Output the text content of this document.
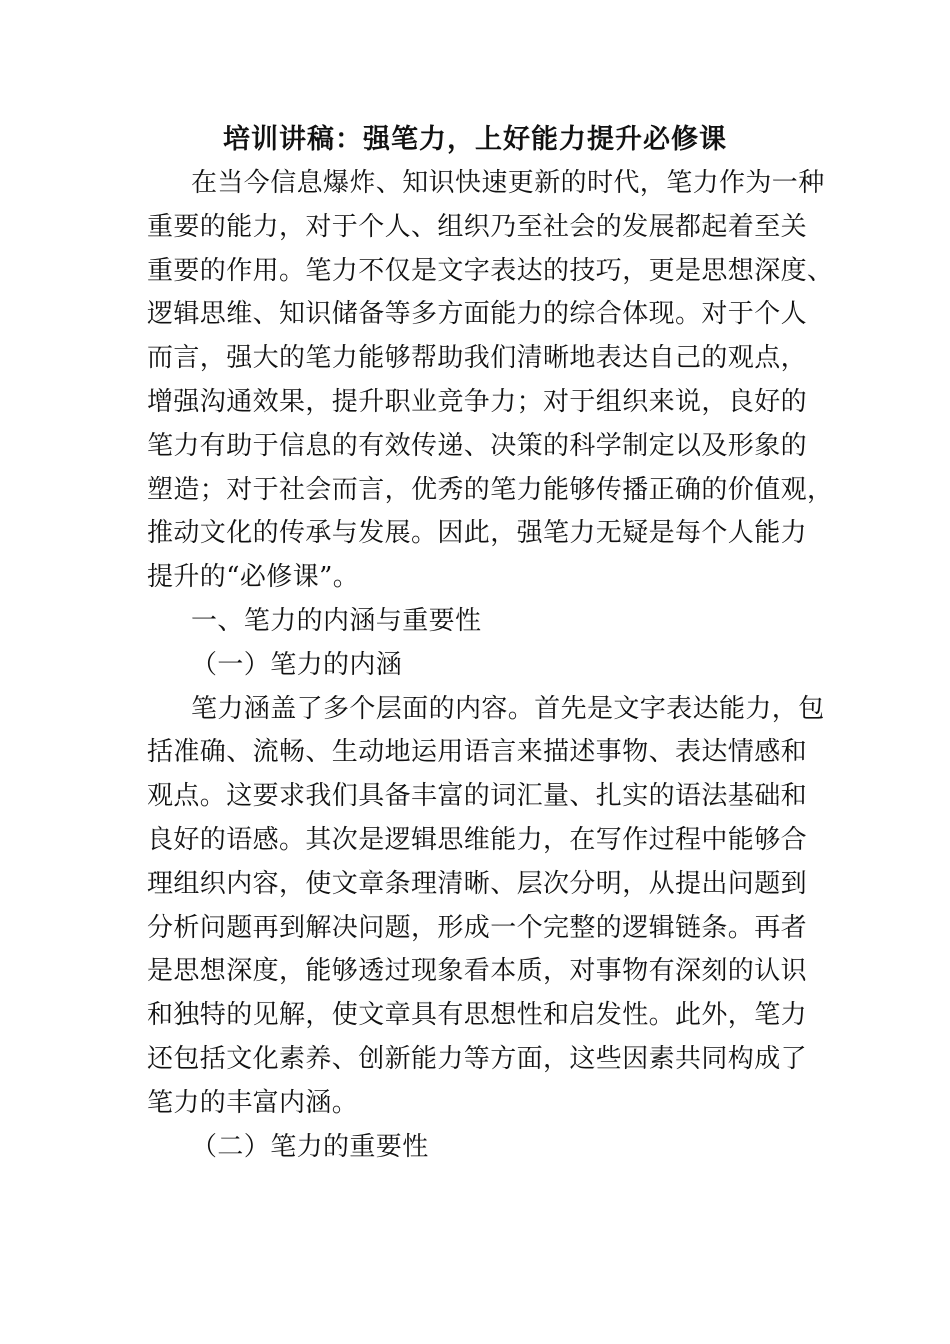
培训讲稿：强笔力，上好能力提升必修课
在当今信息爆炸、知识快速更新的时代，笔力作为一种
重要的能力，对于个人、组织乃至社会的发展都起着至关
重要的作用。笔力不仅是文字表达的技巧，更是思想深度、
逻辑思维、知识储备等多方面能力的综合体现。对于个人
而言，强大的笔力能够帮助我们清晰地表达自己的观点，
增强沟通效果，提升职业竞争力；对于组织来说，良好的
笔力有助于信息的有效传递、决策的科学制定以及形象的
塑造；对于社会而言，优秀的笔力能够传播正确的价值观，
推动文化的传承与发展。因此，强笔力无疑是每个人能力
提升的“必修课”。
一、笔力的内涵与重要性
（一）笔力的内涵
笔力涵盖了多个层面的内容。首先是文字表达能力，包
括准确、流畅、生动地运用语言来描述事物、表达情感和
观点。这要求我们具备丰富的词汇量、扎实的语法基础和
良好的语感。其次是逻辑思维能力，在写作过程中能够合
理组织内容，使文章条理清晰、层次分明，从提出问题到
分析问题再到解决问题，形成一个完整的逻辑链条。再者
是思想深度，能够透过现象看本质，对事物有深刻的认识
和独特的见解，使文章具有思想性和启发性。此外，笔力
还包括文化素养、创新能力等方面，这些因素共同构成了
笔力的丰富内涵。
（二）笔力的重要性
